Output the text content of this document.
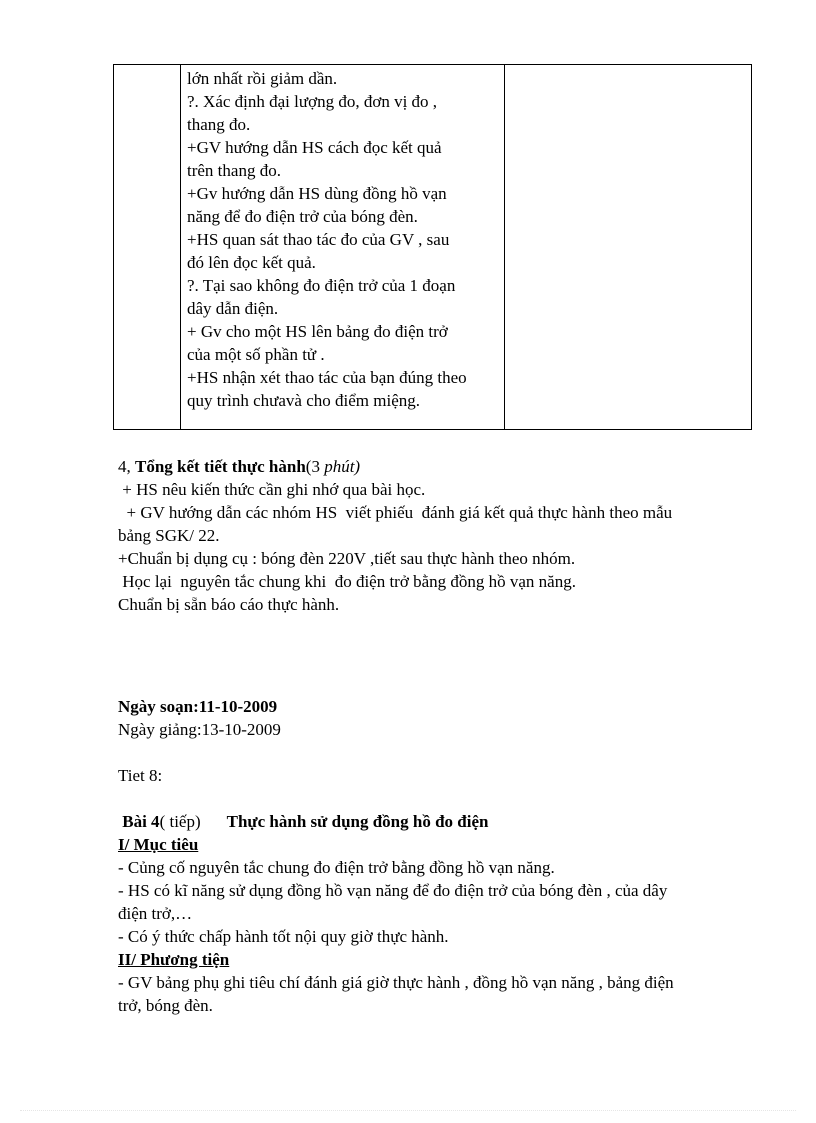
lớn nhất rồi giảm dần.
?. Xác định đại lượng đo, đơn vị đo ,
thang đo.
+GV hướng dẫn HS cách đọc kết quả
trên thang đo.
+Gv hướng dẫn HS dùng đồng hồ vạn
năng để đo điện trở của bóng đèn.
+HS quan sát thao tác đo của GV , sau
đó lên đọc kết quả.
?. Tại sao không đo điện trở của 1 đoạn
dây dẫn điện.
+ Gv cho một HS lên bảng đo điện trở
của một số phần tử .
+HS nhận xét thao tác của bạn đúng theo
quy trình chưavà cho điểm miệng.
4, Tổng kết tiết thực hành(3 phút)
+ HS nêu kiến thức cần ghi nhớ qua bài học.
+ GV hướng dẫn các nhóm HS  viết phiếu  đánh giá kết quả thực hành theo mẫu
bảng SGK/ 22.
+Chuẩn bị dụng cụ : bóng đèn 220V ,tiết sau thực hành theo nhóm.
Học lại  nguyên tắc chung khi  đo điện trở bằng đồng hồ vạn năng.
Chuẩn bị sẵn báo cáo thực hành.
Ngày soạn:11-10-2009
Ngày giảng:13-10-2009
Tiet 8:
Bài 4( tiếp) Thực hành sử dụng đồng hồ đo điện
I/ Mục tiêu
- Củng cố nguyên tắc chung đo điện trở bằng đồng hồ vạn năng.
- HS có kĩ năng sử dụng đồng hồ vạn năng để đo điện trở của bóng đèn , của dây
điện trở,…
- Có ý thức chấp hành tốt nội quy giờ thực hành.
II/ Phương tiện
- GV bảng phụ ghi tiêu chí đánh giá giờ thực hành , đồng hồ vạn năng , bảng điện
trở, bóng đèn.
